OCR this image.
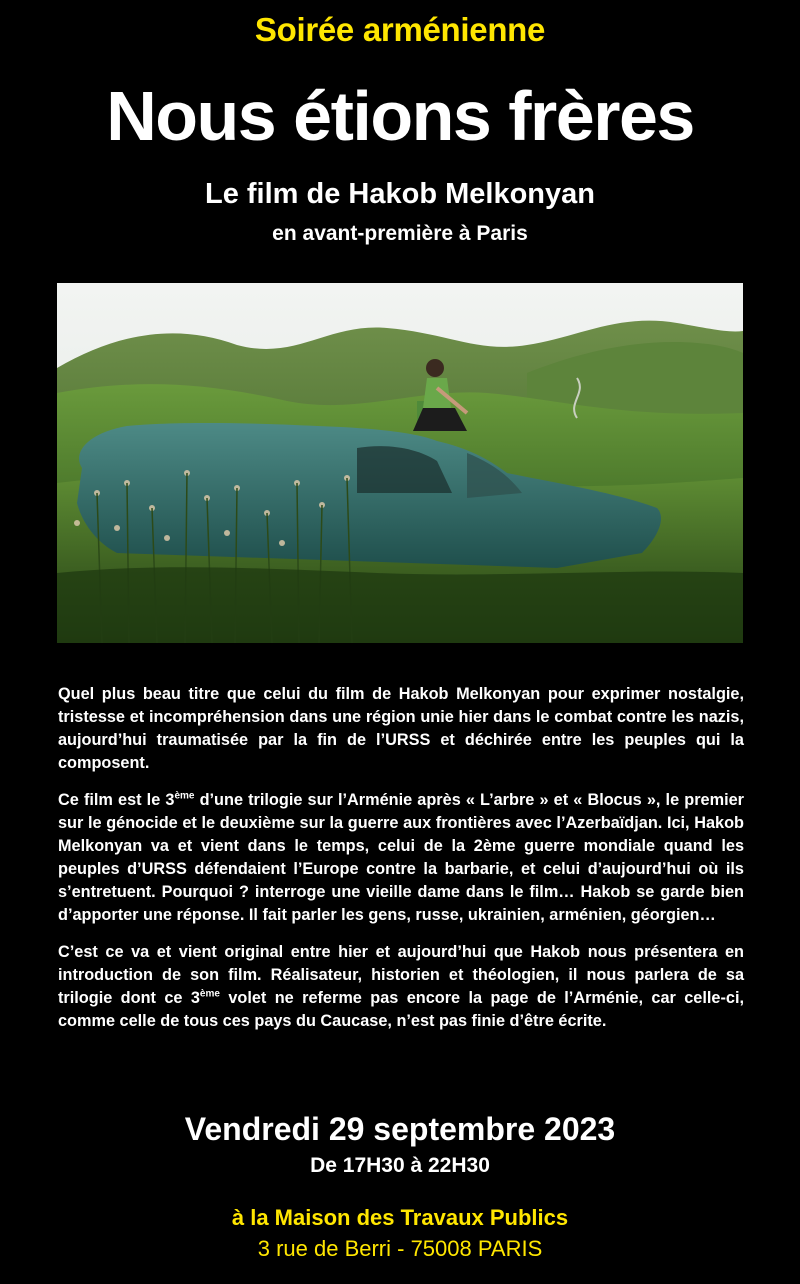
Soirée arménienne
Nous étions frères
Le film de Hakob Melkonyan
en avant-première à Paris

Quel plus beau titre que celui du film de Hakob Melkonyan pour exprimer nostalgie, tristesse et incompréhension dans une région unie hier dans le combat contre les nazis, aujourd’hui traumatisée par la fin de l’URSS et déchirée entre les peuples qui la composent.

Ce film est le 3ème d’une trilogie sur l’Arménie après « L’arbre » et « Blocus », le premier sur le génocide et le deuxième sur la guerre aux frontières avec l’Azerbaïdjan. Ici, Hakob Melkonyan va et vient dans le temps, celui de la 2ème guerre mondiale quand les peuples d’URSS défendaient l’Europe contre la barbarie, et celui d’aujourd’hui où ils s’entretuent. Pourquoi ? interroge une vieille dame dans le film… Hakob se garde bien d’apporter une réponse. Il fait parler les gens, russe, ukrainien, arménien, géorgien…

C’est ce va et vient original entre hier et aujourd’hui que Hakob nous présentera en introduction de son film. Réalisateur, historien et théologien, il nous parlera de sa trilogie dont ce 3ème volet ne referme pas encore la page de l’Arménie, car celle-ci, comme celle de tous ces pays du Caucase, n’est pas finie d’être écrite.

Vendredi 29 septembre 2023
De 17H30 à 22H30
à la Maison des Travaux Publics
3 rue de Berri - 75008 PARIS
